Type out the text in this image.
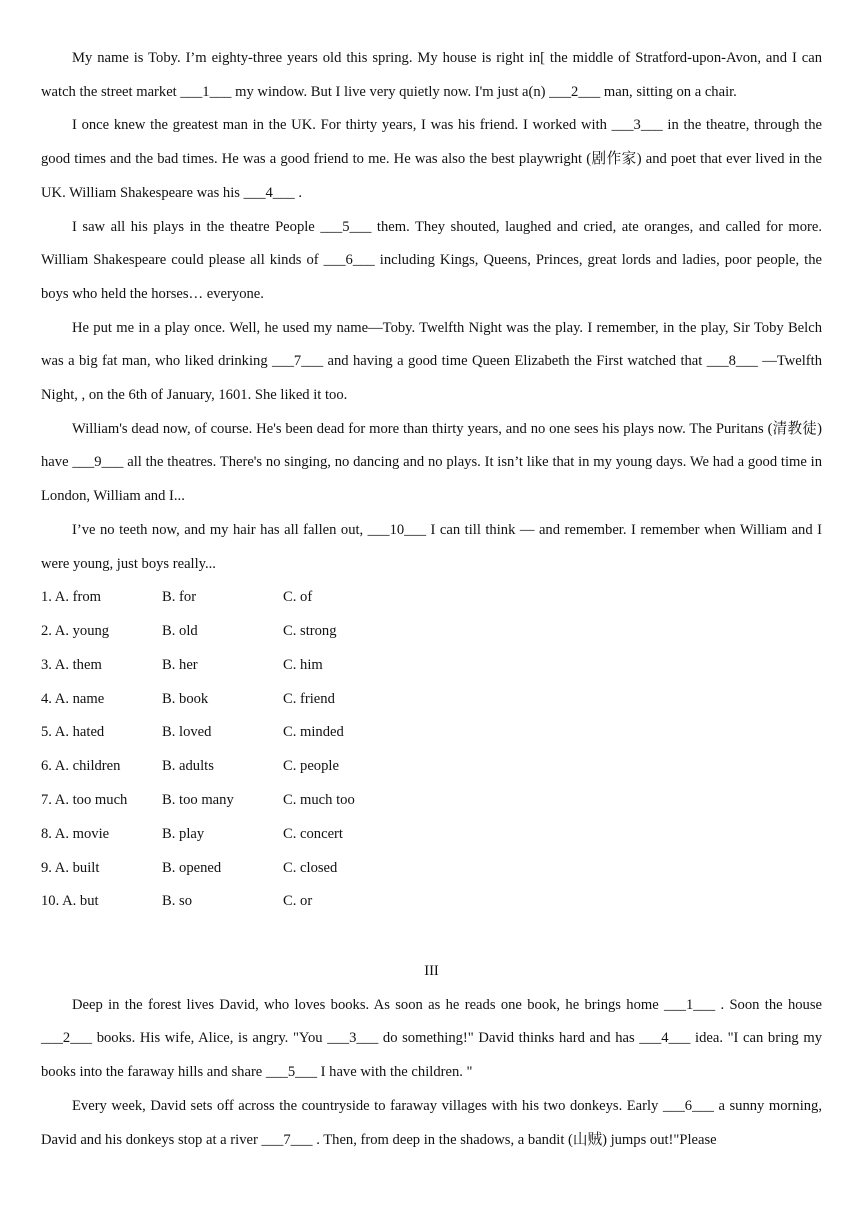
My name is Toby. I’m eighty-three years old this spring. My house is right in[ the middle of Stratford-upon-Avon, and I can watch the street market ___1___ my window. But I live very quietly now. I'm just a(n) ___2___ man, sitting on a chair.

I once knew the greatest man in the UK. For thirty years, I was his friend. I worked with ___3___ in the theatre, through the good times and the bad times. He was a good friend to me. He was also the best playwright (剧作家) and poet that ever lived in the UK. William Shakespeare was his ___4___ .

I saw all his plays in the theatre People ___5___ them. They shouted, laughed and cried, ate oranges, and called for more. William Shakespeare could please all kinds of ___6___ including Kings, Queens, Princes, great lords and ladies, poor people, the boys who held the horses… everyone.

He put me in a play once. Well, he used my name—Toby. Twelfth Night was the play. I remember, in the play, Sir Toby Belch was a big fat man, who liked drinking ___7___ and having a good time Queen Elizabeth the First watched that ___8___ —Twelfth Night, , on the 6th of January, 1601. She liked it too.

William's dead now, of course. He's been dead for more than thirty years, and no one sees his plays now. The Puritans (清教徒) have ___9___ all the theatres. There's no singing, no dancing and no plays. It isn’t like that in my young days. We had a good time in London, William and I...

I’ve no teeth now, and my hair has all fallen out, ___10___ I can till think — and remember. I remember when William and I were young, just boys really...

1. A. from	B. for	C. of
2. A. young	B. old	C. strong
3. A. them	B. her	C. him
4. A. name	B. book	C. friend
5. A. hated	B. loved	C. minded
6. A. children	B. adults	C. people
7. A. too much B. too many	C. much too
8. A. movie	B. play	C. concert
9. A. built	B. opened	C. closed
10. A. but	B. so	C. or

III

Deep in the forest lives David, who loves books. As soon as he reads one book, he brings home ___1___ . Soon the house ___2___ books. His wife, Alice, is angry. "You ___3___ do something!" David thinks hard and has ___4___ idea. "I can bring my books into the faraway hills and share ___5___ I have with the children. "

Every week, David sets off across the countryside to faraway villages with his two donkeys. Early ___6___ a sunny morning, David and his donkeys stop at a river ___7___ . Then, from deep in the shadows, a bandit (山贼) jumps out!"Please
